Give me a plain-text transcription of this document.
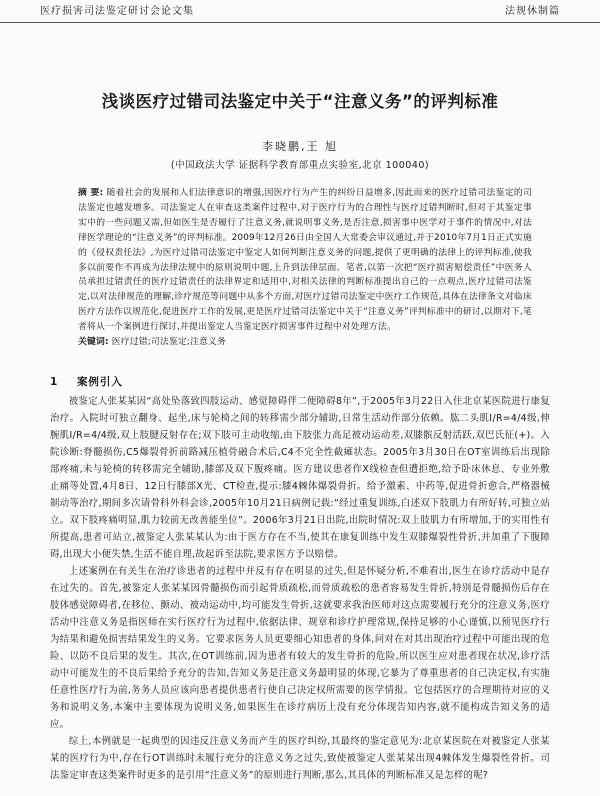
医疗损害司法鉴定研讨会论文集	法规休制篇
浅谈医疗过错司法鉴定中关于“注意义务”的评判标准
李晓鹏,王 旭
(中国政法大学 证据科学教育部重点实验室,北京 100040)
摘 要: 随着社会的发展和人们法律意识的增强,因医疗行为产生的纠纷日益增多,因此而来的医疗过错司法鉴定的司法鉴定也越发增多。司法鉴定人在审查这类案件过程中,对于医疗行为的合理性与医疗过错判断时,但对于其鉴定事实中的一些问题又需,但如医生是否履行了注意义务,就说明事义务,是否注意,损害事中医学对于事件的情况中,对法律医学理论的“注意义务”的评判标准。2009年12月26日由全国人大常委会审议通过,并于2010年7月1日正式实施的《侵权责任法》,为医疗过错司法鉴定中鉴定人如何判断注意义务的问题,提供了更明确的法律上的评判标准,使我多以前要作不再成为法律法规中的原则说明中题,上升到法律层面。笔者,以第一次把“医疗损害赔偿责任”中医务人员承担过错责任的医疗过错责任的法律界定和适用中,对相关法律的判断标准提出自己的一点观点,医疗过错司法鉴定,以对法律规范的理解,诊疗规范等问题中从多个方面,对医疗过错司法鉴定中医疗工作规范,具体在法律条文对临床医疗方法作以规范化,促进医疗工作的发展,更是医疗过错司法鉴定中关于“注意义务”评判标准中的研讨,以期对下,笔者将从一个案例进行探讨,并提出鉴定人当鉴定医疗损害事件过程中对处理方法。
关键词: 医疗过错;司法鉴定;注意义务
1 案例引入

被鉴定人张某某因“高处坠落致四肢运动、感觉障碍伴二便障碍8年”,于2005年3月22日入住北京某医院进行康复治疗。入院时可独立翻身、起坐,床与轮椅之间的转移需少部分辅助,日常生活动作部分依赖。肱二头肌Ⅰ/R=4/4级,伸腕肌Ⅰ/R=4/4级,双上肢腱反射存在;双下肢可主动收缩,由下肢张力高足被动运动差,双膝髌反射活跃,双巴氏征(+)。入院诊断:脊髓损伤,C5爆裂骨折前路减压植骨融合术后,C4不完全性截瘫状态。2005年3月30日在OT室训练后出现除部疼痛,未与轮椅的转移需完全辅助,膝部及双下腹疼痛。医方建议患者作X线检查但遭拒绝,给予卧床休息、专业外敷止痛等处置,4月8日、12日行膝部X光、CT检查,提示:膝4棘体爆裂骨折。给予激素、中药等,促进骨折愈合,严格器械制动等治疗,期间多次请骨科外科会诊,2005年10月21日病例记载:“经过重复训练,白述双下肢肌力有所好转,可独立站立。双下肢疼痛明显,肌力较前无改善能坐位”。2006年3月21日出院,出院时情况:双上肢肌力有所增加,于的实用性有所提高,患者可站立,被鉴定人张某某认为:由于医方存在不当,使其在康复训练中发生双膝爆裂性骨折,并加重了下腹障碍,出现大小便失禁,生活不能自理,故起诉至法院,要求医方予以赔偿。

上述案例在有关生在治疗诊患者的过程中并反有存在明显的过失,但是怀疑分析,不难看出,医生在诊疗活动中是存在过失的。首先,被鉴定人张某某因骨髓损伤而引起骨质疏松,而骨质疏松的患者容易发生骨折,特别是骨髓损伤后存在肢体感觉障碍者,在移位、颤动、被动运动中,均可能发生骨折,这就要求我治医师对这点需要履行充分的注意义务,医疗活动中注意义务是指医师在实行医疗行为过程中,依据法律、规章和诊疗护理常规,保持足够的小心谨慎,以预见医疗行为结果和避免损害结果发生的义务。它要求医务人员更要细心知患者的身体,问对在对其出现治疗过程中可能出现的危险、以防不良后果的发生。其次,在OT训练前,因为患者有较大的发生骨折的危险,所以医生应对患者现在状况,诊疗活动中可能发生的不良后果给予充分的告知,告知义务是注意义务最明显的体现,它暴为了尊重患者的自己决定权,有实施任意性医疗行为前,务务人员应该向患者提供患者行使自己决定权所需要的医学情报。它包括医疗的合理期待对应的义务和说明义务,本案中主要体现为说明义务,如果医生在诊疗病历上没有充分体现告知内容,就不能构成告知义务的适应。

综上,本例就是一起典型的因违反注意义务而产生的医疗纠纷,其最终的鉴定意见为:北京某医院在对被鉴定人张某某的医疗行为中,存在行OT训练时未履行充分的注意义务之过失,致使被鉴定人张某某出现4棘体发生爆裂性骨折。司法鉴定审查这类案件时更多的是引用“注意义务”的原则进行判断,那么,其具体的判断标准又是怎样的呢?
